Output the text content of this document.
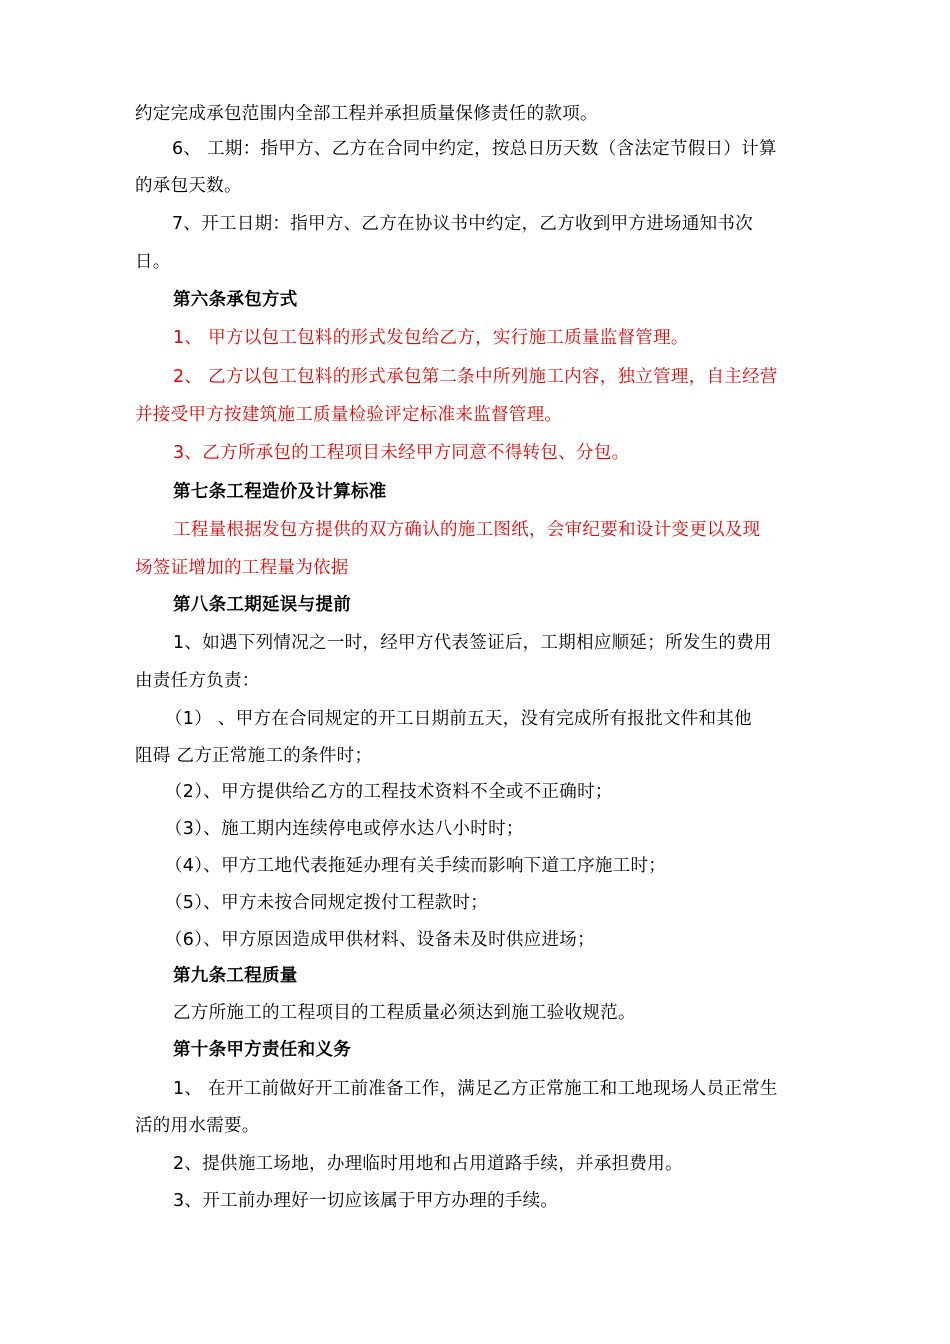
约定完成承包范围内全部工程并承担质量保修责任的款项。
6、 工期：指甲方、乙方在合同中约定，按总日历天数（含法定节假日）计算
的承包天数。
7、开工日期：指甲方、乙方在协议书中约定，乙方收到甲方进场通知书次
日。
第六条承包方式
1、 甲方以包工包料的形式发包给乙方，实行施工质量监督管理。
2、 乙方以包工包料的形式承包第二条中所列施工内容，独立管理，自主经营
并接受甲方按建筑施工质量检验评定标准来监督管理。
3、乙方所承包的工程项目未经甲方同意不得转包、分包。
第七条工程造价及计算标准
工程量根据发包方提供的双方确认的施工图纸，会审纪要和设计变更以及现
场签证增加的工程量为依据
第八条工期延误与提前
1、如遇下列情况之一时，经甲方代表签证后，工期相应顺延；所发生的费用
由责任方负责：
（1） 、甲方在合同规定的开工日期前五天，没有完成所有报批文件和其他
阻碍 乙方正常施工的条件时；
（2）、甲方提供给乙方的工程技术资料不全或不正确时；
（3）、施工期内连续停电或停水达八小时时；
（4）、甲方工地代表拖延办理有关手续而影响下道工序施工时；
（5）、甲方未按合同规定拨付工程款时；
（6）、甲方原因造成甲供材料、设备未及时供应进场；
第九条工程质量
乙方所施工的工程项目的工程质量必须达到施工验收规范。
第十条甲方责任和义务
1、 在开工前做好开工前准备工作，满足乙方正常施工和工地现场人员正常生
活的用水需要。
2、提供施工场地，办理临时用地和占用道路手续，并承担费用。
3、开工前办理好一切应该属于甲方办理的手续。
